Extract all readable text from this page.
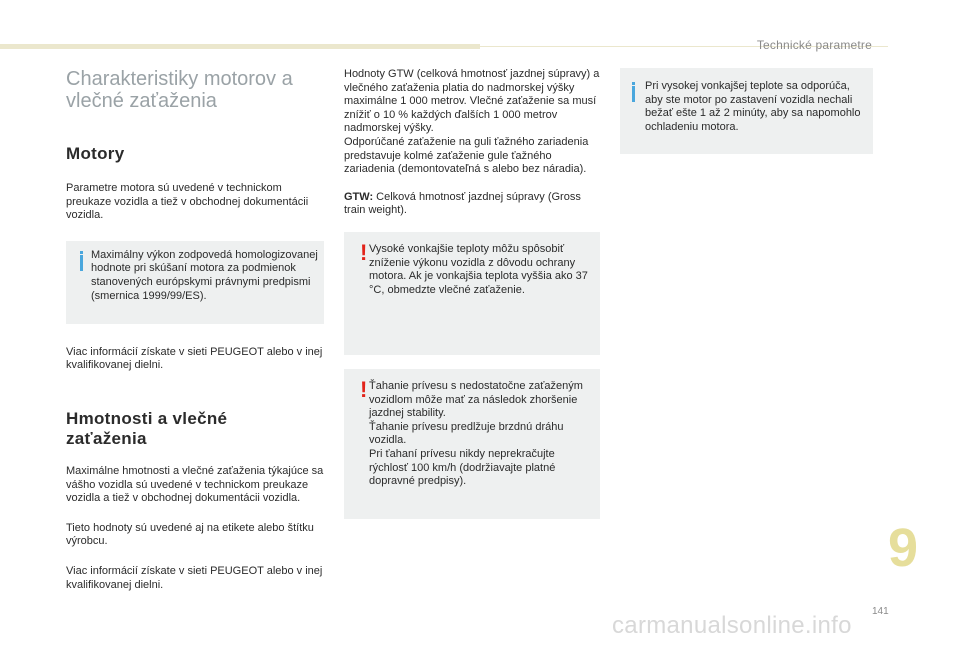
Technické parametre
Charakteristiky motorov a
vlečné zaťaženia
Motory

Parametre motora sú uvedené v technickom preukaze vozidla a tiež v obchodnej dokumentácii vozidla.

Maximálny výkon zodpovedá homologizovanej hodnote pri skúšaní motora za podmienok stanovených európskymi právnymi predpismi (smernica 1999/99/ES).

Viac informácií získate v sieti PEUGEOT alebo v inej kvalifikovanej dielni.

Hmotnosti a vlečné
zaťaženia

Maximálne hmotnosti a vlečné zaťaženia týkajúce sa vášho vozidla sú uvedené v technickom preukaze vozidla a tiež v obchodnej dokumentácii vozidla.

Tieto hodnoty sú uvedené aj na etikete alebo štítku výrobcu.

Viac informácií získate v sieti PEUGEOT alebo v inej kvalifikovanej dielni.

Hodnoty GTW (celková hmotnosť jazdnej súpravy) a vlečného zaťaženia platia do nadmorskej výšky maximálne 1 000 metrov. Vlečné zaťaženie sa musí znížiť o 10 % každých ďalších 1 000 metrov nadmorskej výšky.

Odporúčané zaťaženie na guli ťažného zariadenia predstavuje kolmé zaťaženie gule ťažného zariadenia (demontovateľná s alebo bez náradia).

GTW: Celková hmotnosť jazdnej súpravy (Gross train weight).

! Vysoké vonkajšie teploty môžu spôsobiť zníženie výkonu vozidla z dôvodu ochrany motora. Ak je vonkajšia teplota vyššia ako 37 °C, obmedzte vlečné zaťaženie.
! Ťahanie prívesu s nedostatočne zaťaženým vozidlom môže mať za následok zhoršenie jazdnej stability.
Ťahanie prívesu predlžuje brzdnú dráhu vozidla.
Pri ťahaní prívesu nikdy neprekračujte rýchlosť 100 km/h (dodržiavajte platné dopravné predpisy).
Pri vysokej vonkajšej teplote sa odporúča, aby ste motor po zastavení vozidla nechali bežať ešte 1 až 2 minúty, aby sa napomohlo ochladeniu motora.
9
141
carmanualsonline.info
